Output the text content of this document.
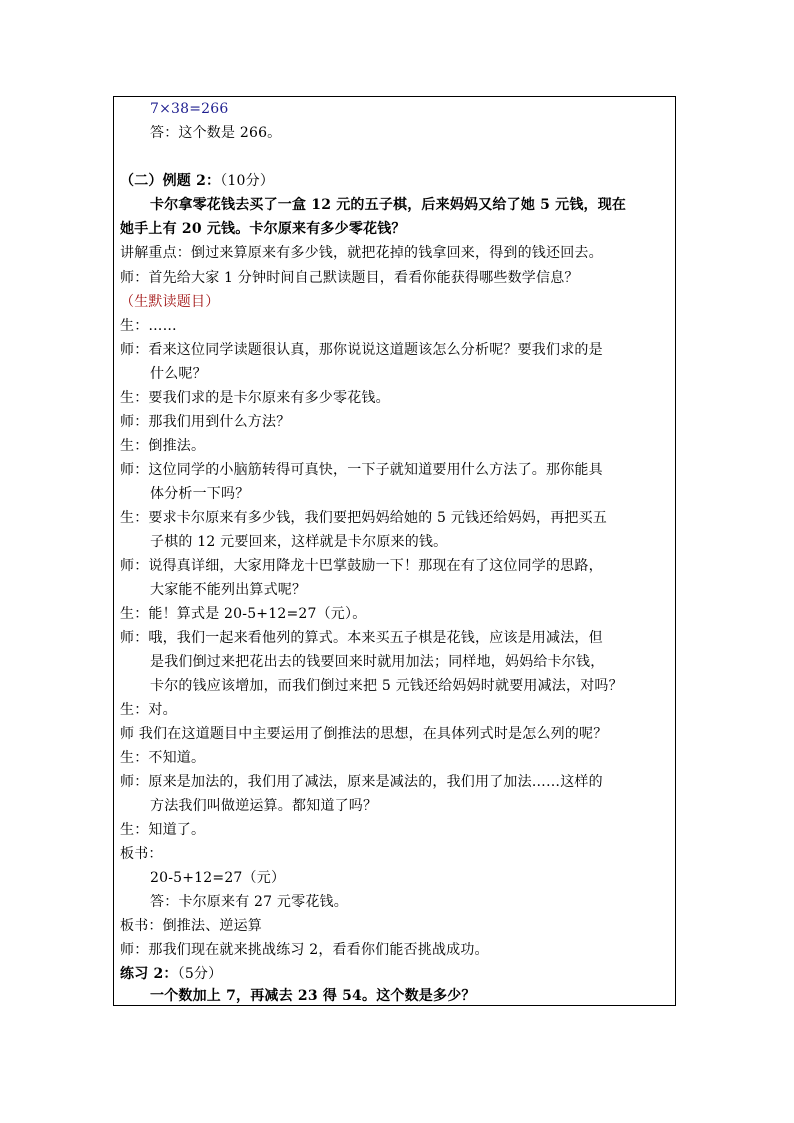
7×38=266
答：这个数是 266。
（二）例题 2：（10分）
卡尔拿零花钱去买了一盒 12 元的五子棋，后来妈妈又给了她 5 元钱，现在
她手上有 20 元钱。卡尔原来有多少零花钱？
讲解重点：倒过来算原来有多少钱，就把花掉的钱拿回来，得到的钱还回去。
师：首先给大家 1 分钟时间自己默读题目，看看你能获得哪些数学信息？
（生默读题目）
生：……
师：看来这位同学读题很认真，那你说说这道题该怎么分析呢？要我们求的是
什么呢？
生：要我们求的是卡尔原来有多少零花钱。
师：那我们用到什么方法？
生：倒推法。
师：这位同学的小脑筋转得可真快，一下子就知道要用什么方法了。那你能具
体分析一下吗？
生：要求卡尔原来有多少钱，我们要把妈妈给她的 5 元钱还给妈妈，再把买五
子棋的 12 元要回来，这样就是卡尔原来的钱。
师：说得真详细，大家用降龙十巴掌鼓励一下！那现在有了这位同学的思路，
大家能不能列出算式呢？
生：能！算式是 20-5+12=27（元）。
师：哦，我们一起来看他列的算式。本来买五子棋是花钱，应该是用减法，但
是我们倒过来把花出去的钱要回来时就用加法；同样地，妈妈给卡尔钱，
卡尔的钱应该增加，而我们倒过来把 5 元钱还给妈妈时就要用减法，对吗？
生：对。
师 我们在这道题目中主要运用了倒推法的思想，在具体列式时是怎么列的呢？
生：不知道。
师：原来是加法的，我们用了减法，原来是减法的，我们用了加法……这样的
方法我们叫做逆运算。都知道了吗？
生：知道了。
板书：
20-5+12=27（元）
答：卡尔原来有 27 元零花钱。
板书：倒推法、逆运算
师：那我们现在就来挑战练习 2，看看你们能否挑战成功。
练习 2：（5分）
一个数加上 7，再减去 23 得 54。这个数是多少？
